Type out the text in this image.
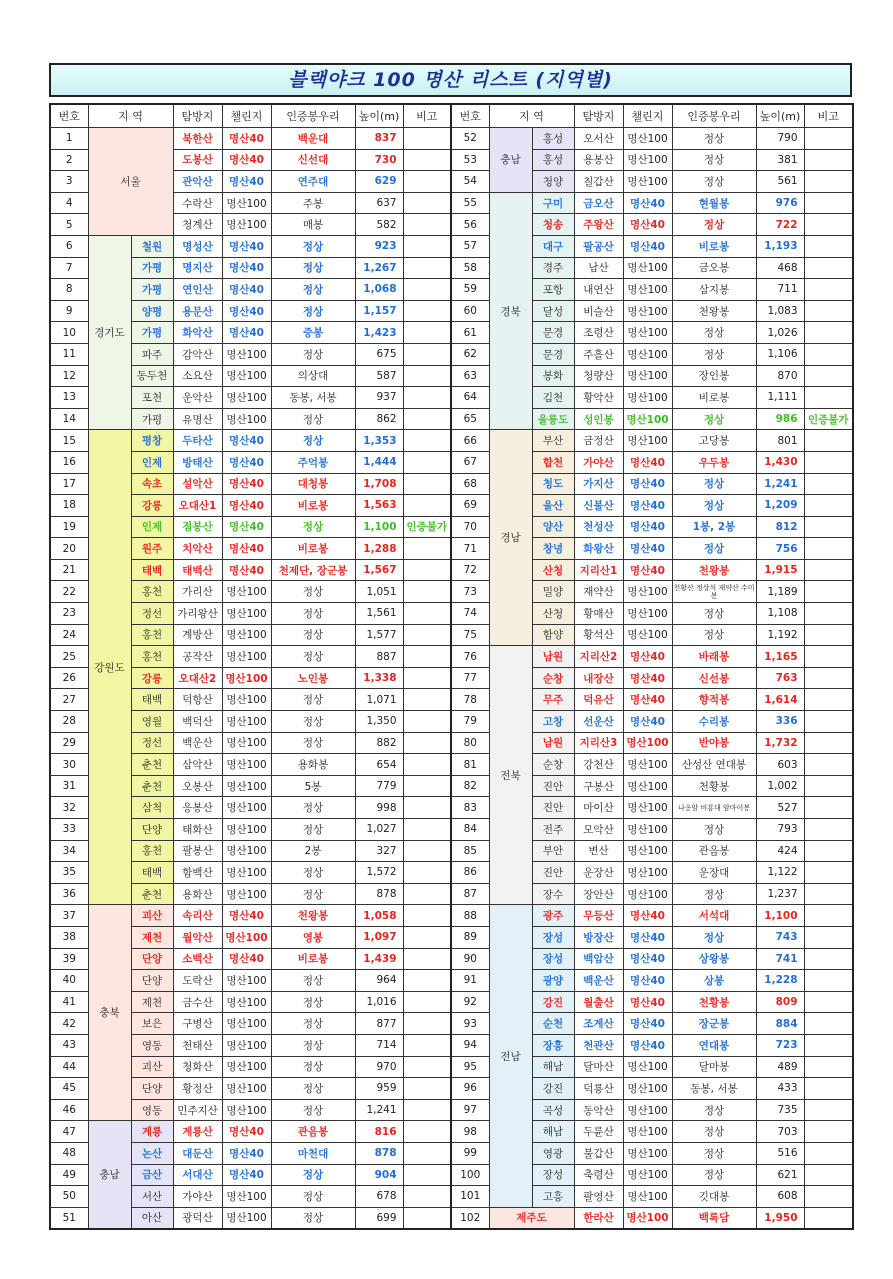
블랙야크 100 명산 리스트 (지역별)
번호	지 역		탐방지	챌린지	인증봉우리	높이(m)	비고	번호	지 역		탐방지	챌린지	인증봉우리	높이(m)	비고
1	서울		북한산	명산40	백운대	837		52	충남	홍성	오서산	명산100	정상	790	
2			도봉산	명산40	신선대	730		53		홍성	용봉산	명산100	정상	381	
3			관악산	명산40	연주대	629		54		청양	칠갑산	명산100	정상	561	
4			수락산	명산100	주봉	637		55	경북	구미	금오산	명산40	현월봉	976	
5			청계산	명산100	매봉	582		56		청송	주왕산	명산40	정상	722	
6	경기도	철원	명성산	명산40	정상	923		57		대구	팔공산	명산40	비로봉	1,193	
7		가평	명지산	명산40	정상	1,267		58		경주	남산	명산100	금오봉	468	
8		가평	연인산	명산40	정상	1,068		59		포항	내연산	명산100	삼지봉	711	
9		양평	용문산	명산40	정상	1,157		60		달성	비슬산	명산100	천왕봉	1,083	
10		가평	화악산	명산40	중봉	1,423		61		문경	조령산	명산100	정상	1,026	
11		파주	감악산	명산100	정상	675		62		문경	주흘산	명산100	정상	1,106	
12		동두천	소요산	명산100	의상대	587		63		봉화	청량산	명산100	장인봉	870	
13		포천	운악산	명산100	동봉, 서봉	937		64		김천	황악산	명산100	비로봉	1,111	
14		가평	유명산	명산100	정상	862		65		울릉도	성인봉	명산100	정상	986	인증불가
15	강원도	평창	두타산	명산40	정상	1,353		66	경남	부산	금정산	명산100	고당봉	801	
16		인제	방태산	명산40	주억봉	1,444		67		합천	가야산	명산40	우두봉	1,430	
17		속초	설악산	명산40	대청봉	1,708		68		청도	가지산	명산40	정상	1,241	
18		강릉	오대산1	명산40	비로봉	1,563		69		울산	신불산	명산40	정상	1,209	
19		인제	점봉산	명산40	정상	1,100	인증불가	70		양산	천성산	명산40	1봉, 2봉	812	
20		원주	치악산	명산40	비로봉	1,288		71		창녕	화왕산	명산40	정상	756	
21		태백	태백산	명산40	천제단, 장군봉	1,567		72		산청	지리산1	명산40	천왕봉	1,915	
22		홍천	가리산	명산100	정상	1,051		73		밀양	재약산	명산100	천황산 정상석 재약산 수미봉	1,189	
23		정선	가리왕산	명산100	정상	1,561		74		산청	황매산	명산100	정상	1,108	
24		홍천	계방산	명산100	정상	1,577		75		함양	황석산	명산100	정상	1,192	
25		홍천	공작산	명산100	정상	887		76	전북	남원	지리산2	명산40	바래봉	1,165	
26		강릉	오대산2	명산100	노인봉	1,338		77		순창	내장산	명산40	신선봉	763	
27		태백	덕항산	명산100	정상	1,071		78		무주	덕유산	명산40	향적봉	1,614	
28		영월	백덕산	명산100	정상	1,350		79		고창	선운산	명산40	수리봉	336	
29		정선	백운산	명산100	정상	882		80		남원	지리산3	명산100	반야봉	1,732	
30		춘천	삼악산	명산100	용화봉	654		81		순창	강천산	명산100	산성산 연대봉	603	
31		춘천	오봉산	명산100	5봉	779		82		진안	구봉산	명산100	천황봉	1,002	
32		삼척	응봉산	명산100	정상	998		83		진안	마이산	명산100	나옹암 비룡대 암마이봉	527	
33		단양	태화산	명산100	정상	1,027		84		전주	모악산	명산100	정상	793	
34		홍천	팔봉산	명산100	2봉	327		85		부안	변산	명산100	관음봉	424	
35		태백	함백산	명산100	정상	1,572		86		진안	운장산	명산100	운장대	1,122	
36		춘천	용화산	명산100	정상	878		87		장수	장안산	명산100	정상	1,237	
37	충북	괴산	속리산	명산40	천왕봉	1,058		88	전남	광주	무등산	명산40	서석대	1,100	
38		제천	월악산	명산100	영봉	1,097		89		장성	방장산	명산40	정상	743	
39		단양	소백산	명산40	비로봉	1,439		90		장성	백암산	명산40	상왕봉	741	
40		단양	도락산	명산100	정상	964		91		광양	백운산	명산40	상봉	1,228	
41		제천	금수산	명산100	정상	1,016		92		강진	월출산	명산40	천황봉	809	
42		보은	구병산	명산100	정상	877		93		순천	조계산	명산40	장군봉	884	
43		영동	천태산	명산100	정상	714		94		장흥	천관산	명산40	연대봉	723	
44		괴산	청화산	명산100	정상	970		95		해남	달마산	명산100	달마봉	489	
45		단양	황정산	명산100	정상	959		96		강진	덕룡산	명산100	동봉, 서봉	433	
46		영동	민주지산	명산100	정상	1,241		97		곡성	동악산	명산100	정상	735	
47	충남	계룡	계룡산	명산40	관음봉	816		98		해남	두륜산	명산100	정상	703	
48		논산	대둔산	명산40	마천대	878		99		영광	불갑산	명산100	정상	516	
49		금산	서대산	명산40	정상	904		100		장성	축령산	명산100	정상	621	
50		서산	가야산	명산100	정상	678		101		고흥	팔영산	명산100	깃대봉	608	
51		아산	광덕산	명산100	정상	699		102	제주도		한라산	명산100	백록담	1,950	
